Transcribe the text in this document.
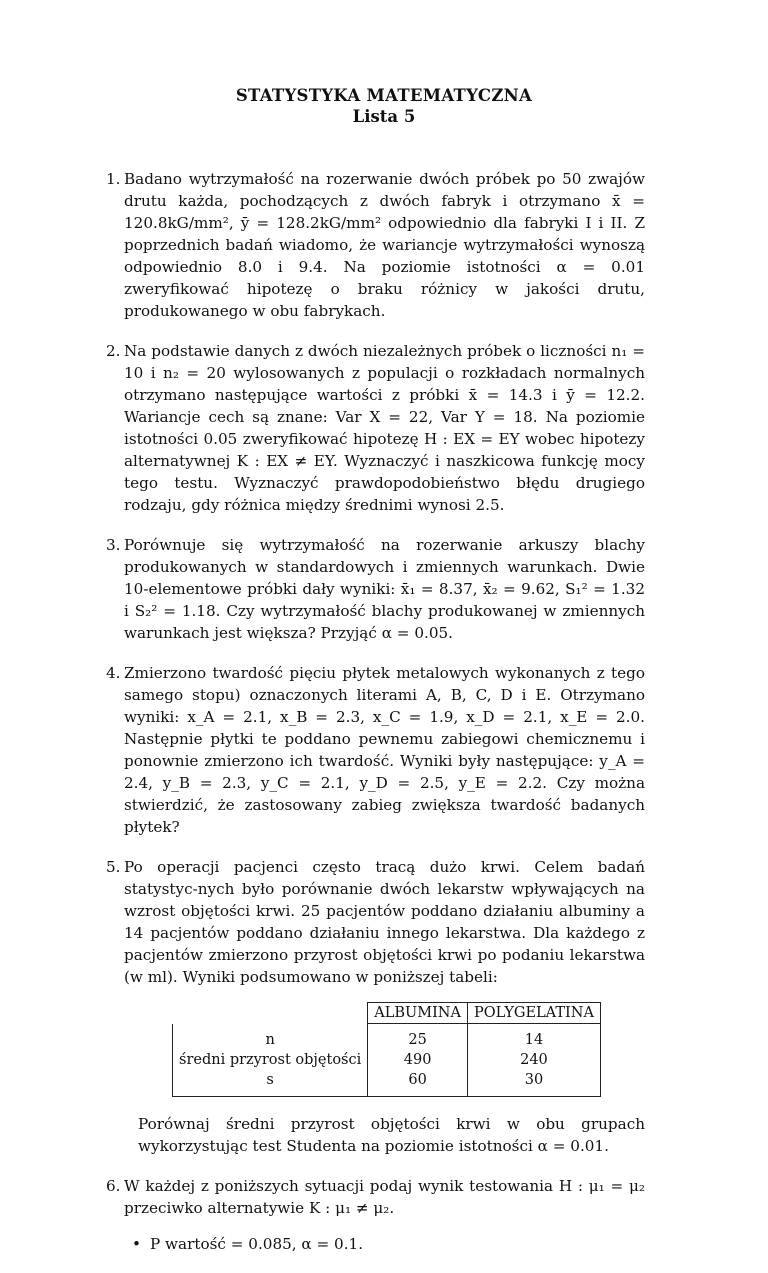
STATYSTYKA MATEMATYCZNA
Lista 5
1. Badano wytrzymałość na rozerwanie dwóch próbek po 50 zwajów drutu każda, pochodzących z dwóch fabryk i otrzymano x̄ = 120.8kG/mm², ȳ = 128.2kG/mm² odpowiednio dla fabryki I i II. Z poprzednich badań wiadomo, że wariancje wytrzymałości wynoszą odpowiednio 8.0 i 9.4. Na poziomie istotności α = 0.01 zweryfikować hipotezę o braku różnicy w jakości drutu, produkowanego w obu fabrykach.

2. Na podstawie danych z dwóch niezależnych próbek o liczności n₁ = 10 i n₂ = 20 wylosowanych z populacji o rozkładach normalnych otrzymano następujące wartości z próbki x̄ = 14.3 i ȳ = 12.2. Wariancje cech są znane: Var X = 22, Var Y = 18. Na poziomie istotności 0.05 zweryfikować hipotezę H : EX = EY wobec hipotezy alternatywnej K : EX ≠ EY. Wyznaczyć i naszkicowa funkcję mocy tego testu. Wyznaczyć prawdopodobieństwo błędu drugiego rodzaju, gdy różnica między średnimi wynosi 2.5.

3. Porównuje się wytrzymałość na rozerwanie arkuszy blachy produkowanych w standardowych i zmiennych warunkach. Dwie 10-elementowe próbki dały wyniki: x̄₁ = 8.37, x̄₂ = 9.62, S₁² = 1.32 i S₂² = 1.18. Czy wytrzymałość blachy produkowanej w zmiennych warunkach jest większa? Przyjąć α = 0.05.

4. Zmierzono twardość pięciu płytek metalowych wykonanych z tego samego stopu) oznaczonych literami A, B, C, D i E. Otrzymano wyniki: x_A = 2.1, x_B = 2.3, x_C = 1.9, x_D = 2.1, x_E = 2.0. Następnie płytki te poddano pewnemu zabiegowi chemicznemu i ponownie zmierzono ich twardość. Wyniki były następujące: y_A = 2.4, y_B = 2.3, y_C = 2.1, y_D = 2.5, y_E = 2.2. Czy można stwierdzić, że zastosowany zabieg zwiększa twardość badanych płytek?

5. Po operacji pacjenci często tracą dużo krwi. Celem badań statystyc-nych było porównanie dwóch lekarstw wpływających na wzrost objętości krwi. 25 pacjentów poddano działaniu albuminy a 14 pacjentów poddano działaniu innego lekarstwa. Dla każdego z pacjentów zmierzono przyrost objętości krwi po podaniu lekarstwa (w ml). Wyniki podsumowano w poniższej tabeli:

	ALBUMINA	POLYGELATINA
n	25	14
średni przyrost objętości	490	240
s	60	30

Porównaj średni przyrost objętości krwi w obu grupach wykorzystując test Studenta na poziomie istotności α = 0.01.

6. W każdej z poniższych sytuacji podaj wynik testowania H : μ₁ = μ₂ przeciwko alternatywie K : μ₁ ≠ μ₂.

• P wartość = 0.085, α = 0.1.
